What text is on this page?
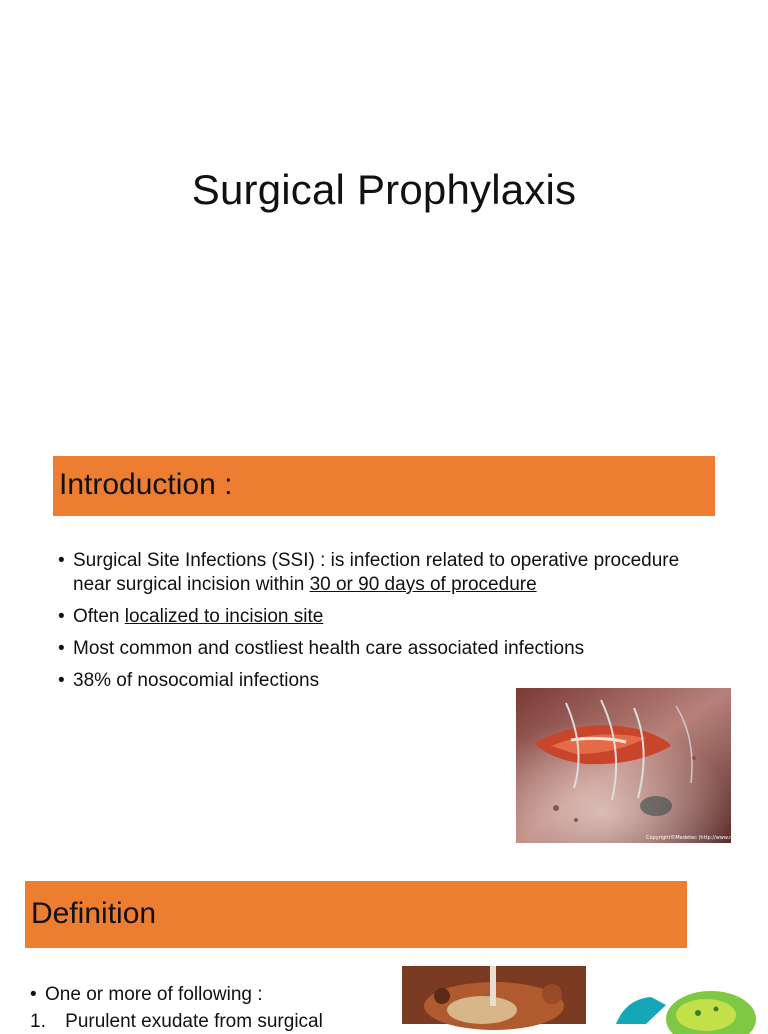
Surgical Prophylaxis
Introduction :
• Surgical Site Infections (SSI) : is infection related to operative procedure near surgical incision within 30 or 90 days of procedure
• Often localized to incision site
• Most common and costliest health care associated infections
• 38% of nosocomial infections
Copyright©Medetec (http://www.medetec.co.uk)
Definition
• One or more of following :
1. Purulent exudate from surgical
